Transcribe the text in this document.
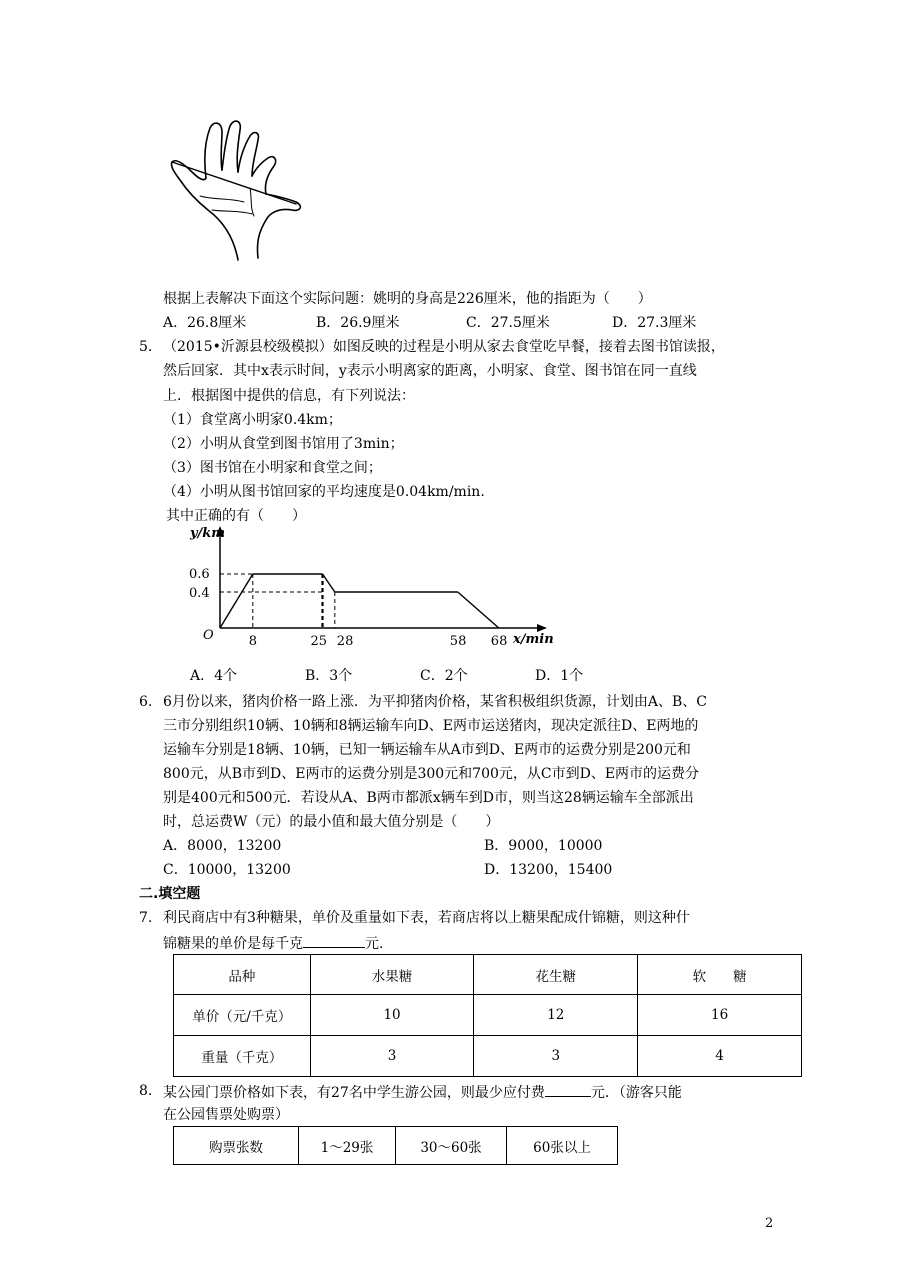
根据上表解决下面这个实际问题：姚明的身高是226厘米，他的指距为（　　）
A．26.8厘米	B．26.9厘米	C．27.5厘米	D．27.3厘米
5. （2015•沂源县校级模拟）如图反映的过程是小明从家去食堂吃早餐，接着去图书馆读报，
然后回家．其中x表示时间，y表示小明离家的距离，小明家、食堂、图书馆在同一直线
上．根据图中提供的信息，有下列说法：
（1）食堂离小明家0.4km；
（2）小明从食堂到图书馆用了3min；
（3）图书馆在小明家和食堂之间；
（4）小明从图书馆回家的平均速度是0.04km/min.
其中正确的有（　　）
y/km
x/min
O
0.6
0.4
8	25 28	58 68
A．4个	B．3个	C．2个	D．1个
6. 6月份以来，猪肉价格一路上涨．为平抑猪肉价格，某省积极组织货源，计划由A、B、C
三市分别组织10辆、10辆和8辆运输车向D、E两市运送猪肉，现决定派往D、E两地的
运输车分别是18辆、10辆，已知一辆运输车从A市到D、E两市的运费分别是200元和
800元，从B市到D、E两市的运费分别是300元和700元，从C市到D、E两市的运费分
别是400元和500元．若设从A、B两市都派x辆车到D市，则当这28辆运输车全部派出
时，总运费W（元）的最小值和最大值分别是（　　）
A．8000，13200	B．9000，10000
C．10000，13200	D．13200，15400
二.填空题
7. 利民商店中有3种糖果，单价及重量如下表，若商店将以上糖果配成什锦糖，则这种什
锦糖果的单价是每千克	元.
品种	水果糖	花生糖	软　　糖
单价（元/千克）	10	12	16
重量（千克）	3	3	4
8. 某公园门票价格如下表，有27名中学生游公园，则最少应付费	元．（游客只能
在公园售票处购票）
购票张数	1～29张	30～60张	60张以上
2
